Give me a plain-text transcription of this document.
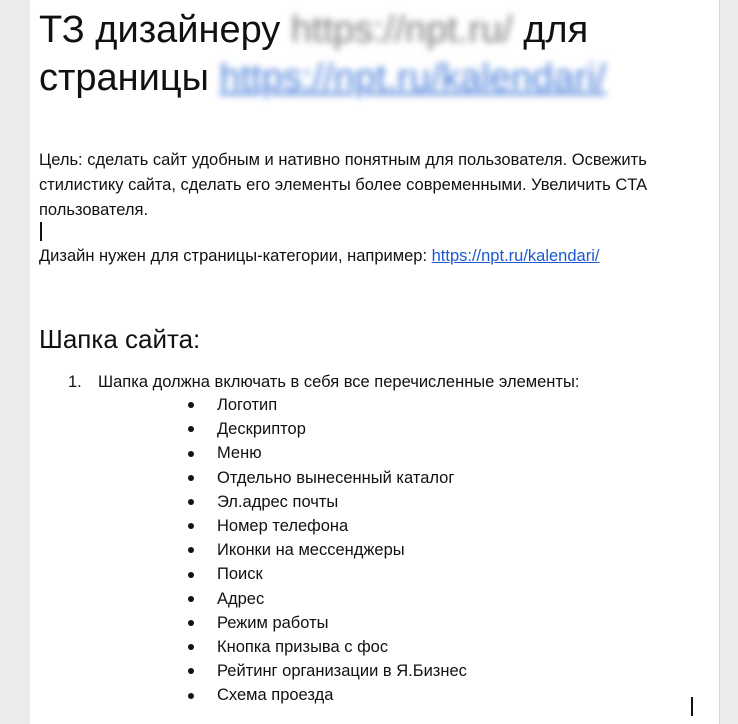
ТЗ дизайнеру https://npt.ru/ для
страницы https://npt.ru/kalendari/

Цель: сделать сайт удобным и нативно понятным для пользователя. Освежить стилистику сайта, сделать его элементы более современными. Увеличить CTA пользователя.

Дизайн нужен для страницы-категории, например: https://npt.ru/kalendari/

Шапка сайта:
1. Шапка должна включать в себя все перечисленные элементы:
Логотип
Дескриптор
Меню
Отдельно вынесенный каталог
Эл.адрес почты
Номер телефона
Иконки на мессенджеры
Поиск
Адрес
Режим работы
Кнопка призыва с фос
Рейтинг организации в Я.Бизнес
Схема проезда
